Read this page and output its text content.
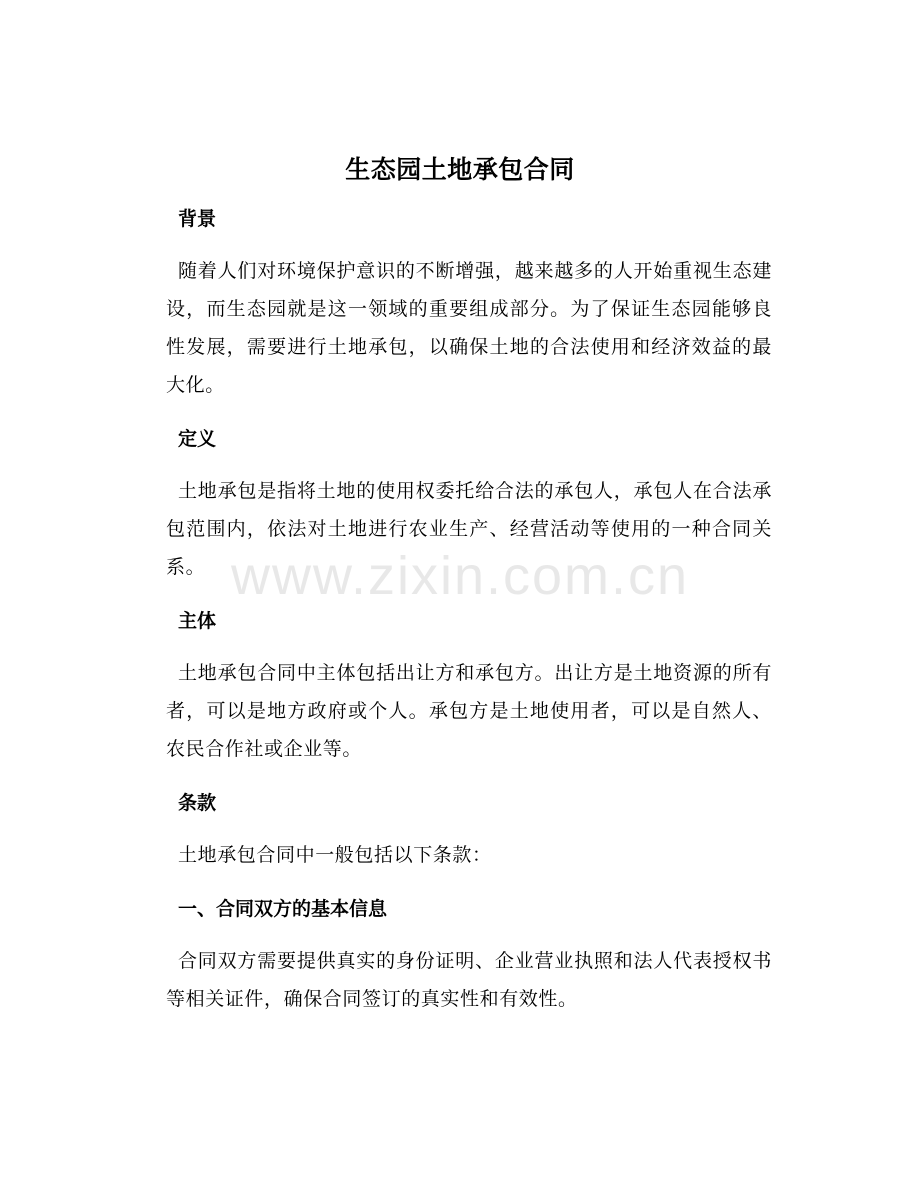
www.zixin.com.cn
生态园土地承包合同
背景

随着人们对环境保护意识的不断增强，越来越多的人开始重视生态建设，而生态园就是这一领域的重要组成部分。为了保证生态园能够良性发展，需要进行土地承包，以确保土地的合法使用和经济效益的最大化。

定义

土地承包是指将土地的使用权委托给合法的承包人，承包人在合法承包范围内，依法对土地进行农业生产、经营活动等使用的一种合同关系。

主体

土地承包合同中主体包括出让方和承包方。出让方是土地资源的所有者，可以是地方政府或个人。承包方是土地使用者，可以是自然人、农民合作社或企业等。

条款

土地承包合同中一般包括以下条款：

一、合同双方的基本信息

合同双方需要提供真实的身份证明、企业营业执照和法人代表授权书等相关证件，确保合同签订的真实性和有效性。
